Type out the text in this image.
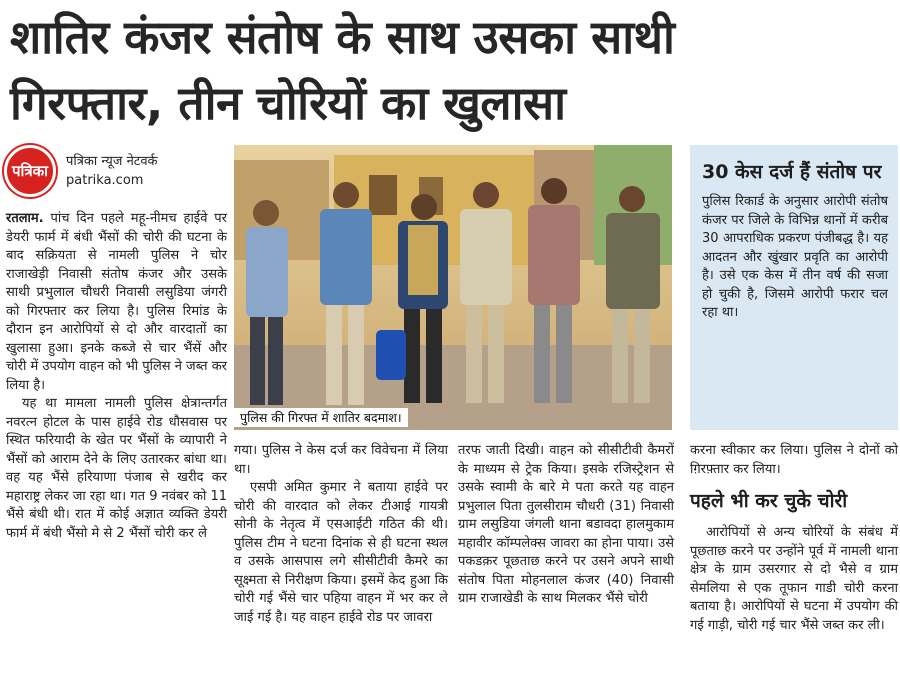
शातिर कंजर संतोष के साथ उसका साथी
गिरफ्तार, तीन चोरियों का खुलासा
पत्रिका
पत्रिका न्यूज नेटवर्क
patrika.com

रतलाम. पांच दिन पहले महू-नीमच हाईवे पर डेयरी फार्म में बंधी भैंसों की चोरी की घटना के बाद सक्रियता से नामली पुलिस ने चोर राजाखेड़ी निवासी संतोष कंजर और उसके साथी प्रभुलाल चौधरी निवासी लसुडिया जंगरी को गिरफ्तार कर लिया है। पुलिस रिमांड के दौरान इन आरोपियों से दो और वारदातों का खुलासा हुआ। इनके कब्जे से चार भैंसें और चोरी में उपयोग वाहन को भी पुलिस ने जब्त कर लिया है।

यह था मामला नामली पुलिस क्षेत्रान्तर्गत नवरत्न होटल के पास हाईवे रोड धौसवास पर स्थित फरियादी के खेत पर भैंसों के व्यापारी ने भैंसों को आराम देने के लिए उतारकर बांधा था। वह यह भैंसे हरियाणा पंजाब से खरीद कर महाराष्ट्र लेकर जा रहा था। गत 9 नवंबर को 11 भैंसे बंधी थी। रात में कोई अज्ञात व्यक्ति डेयरी फार्म में बंधी भैंसो मे से 2 भैंसों चोरी कर ले

पुलिस की गिरफ्त में शातिर बदमाश।
30 केस दर्ज हैं संतोष पर
पुलिस रिकार्ड के अनुसार आरोपी संतोष कंजर पर जिले के विभिन्न थानों में करीब 30 आपराधिक प्रकरण पंजीबद्ध है। यह आदतन और खुंखार प्रवृति का आरोपी है। उसे एक केस में तीन वर्ष की सजा हो चुकी है, जिसमे आरोपी फरार चल रहा था।

गया। पुलिस ने केस दर्ज कर विवेचना में लिया था।

एसपी अमित कुमार ने बताया हाईवे पर चोरी की वारदात को लेकर टीआई गायत्री सोनी के नेतृत्व में एसआईटी गठित की थी। पुलिस टीम ने घटना दिनांक से ही घटना स्थल व उसके आसपास लगे सीसीटीवी कैमरे का सूक्ष्मता से निरीक्षण किया। इसमें केद हुआ कि चोरी गई भैंसे चार पहिया वाहन में भर कर ले जाई गई है। यह वाहन हाईवे रोड पर जावरा

तरफ जाती दिखी। वाहन को सीसीटीवी कैमरों के माध्यम से ट्रेक किया। इसके रजिस्ट्रेशन से उसके स्वामी के बारे मे पता करते यह वाहन प्रभुलाल पिता तुलसीराम चौधरी (31) निवासी ग्राम लसुडिया जंगली थाना बडावदा हालमुकाम महावीर कॉम्पलेक्स जावरा का होना पाया। उसे पकडक़र पूछताछ करने पर उसने अपने साथी संतोष पिता मोहनलाल कंजर (40) निवासी ग्राम राजाखेडी के साथ मिलकर भैंसे चोरी

करना स्वीकार कर लिया। पुलिस ने दोनों को ग़िरफ़्तार कर लिया।

पहले भी कर चुके चोरी

आरोपियों से अन्य चोरियों के संबंध में पूछताछ करने पर उन्होंने पूर्व में नामली थाना क्षेत्र के ग्राम उसरगार से दो भैसे व ग्राम सेमलिया से एक तूफान गाडी चोरी करना बताया है। आरोपियों से घटना में उपयोग की गई गाड़ी, चोरी गई चार भैंसे जब्त कर ली।
